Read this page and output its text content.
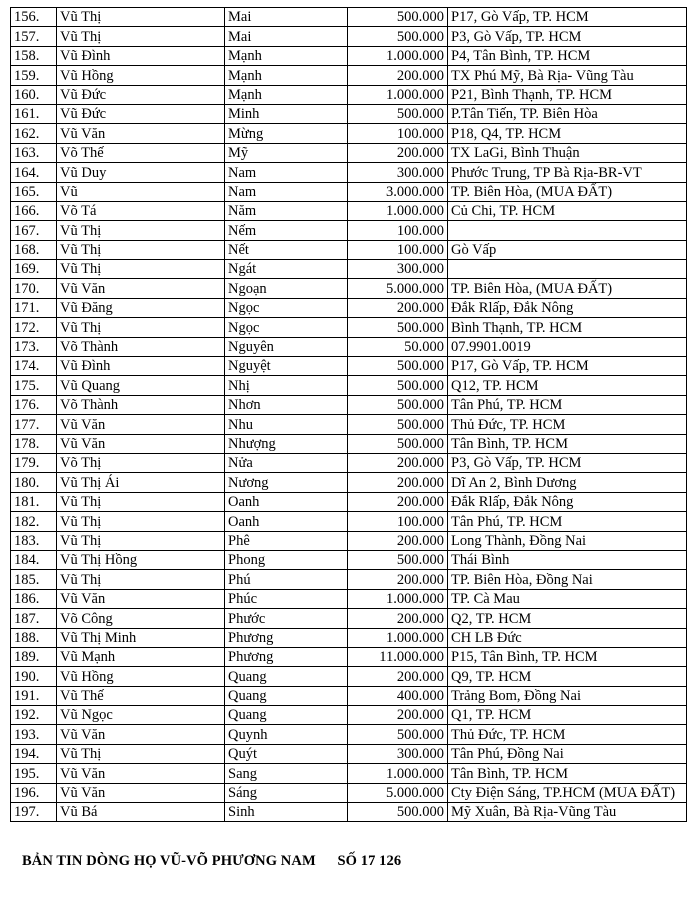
156.	Vũ Thị	Mai	500.000	P17, Gò Vấp, TP. HCM
157.	Vũ Thị	Mai	500.000	P3, Gò Vấp, TP. HCM
158.	Vũ Đình	Mạnh	1.000.000	P4, Tân Bình, TP. HCM
159.	Vũ Hồng	Mạnh	200.000	TX Phú Mỹ, Bà Rịa- Vũng Tàu
160.	Vũ Đức	Mạnh	1.000.000	P21, Bình Thạnh, TP. HCM
161.	Vũ Đức	Minh	500.000	P.Tân Tiến, TP. Biên Hòa
162.	Vũ Văn	Mừng	100.000	P18, Q4, TP. HCM
163.	Võ Thế	Mỹ	200.000	TX LaGi, Bình Thuận
164.	Vũ Duy	Nam	300.000	Phước Trung, TP Bà Rịa-BR-VT
165.	Vũ	Nam	3.000.000	TP. Biên Hòa, (MUA ĐẤT)
166.	Võ Tá	Năm	1.000.000	Củ Chi, TP. HCM
167.	Vũ Thị	Nếm	100.000	
168.	Vũ Thị	Nết	100.000	Gò Vấp
169.	Vũ Thị	Ngát	300.000	
170.	Vũ Văn	Ngoạn	5.000.000	TP. Biên Hòa, (MUA ĐẤT)
171.	Vũ Đăng	Ngọc	200.000	Đắk Rlấp, Đắk Nông
172.	Vũ Thị	Ngọc	500.000	Bình Thạnh, TP. HCM
173.	Võ Thành	Nguyên	50.000	07.9901.0019
174.	Vũ Đình	Nguyệt	500.000	P17, Gò Vấp, TP. HCM
175.	Vũ Quang	Nhị	500.000	Q12, TP. HCM
176.	Võ Thành	Nhơn	500.000	Tân Phú, TP. HCM
177.	Vũ Văn	Nhu	500.000	Thủ Đức, TP. HCM
178.	Vũ Văn	Nhượng	500.000	Tân Bình, TP. HCM
179.	Võ Thị	Nửa	200.000	P3, Gò Vấp, TP. HCM
180.	Vũ Thị Ái	Nương	200.000	Dĩ An 2, Bình Dương
181.	Vũ Thị	Oanh	200.000	Đắk Rlấp, Đắk Nông
182.	Vũ Thị	Oanh	100.000	Tân Phú, TP. HCM
183.	Vũ Thị	Phê	200.000	Long Thành, Đồng Nai
184.	Vũ Thị Hồng	Phong	500.000	Thái Bình
185.	Vũ Thị	Phú	200.000	TP. Biên Hòa, Đồng Nai
186.	Vũ Văn	Phúc	1.000.000	TP. Cà Mau
187.	Võ Công	Phước	200.000	Q2, TP. HCM
188.	Vũ Thị Minh	Phương	1.000.000	CH LB Đức
189.	Vũ Mạnh	Phương	11.000.000	P15, Tân Bình, TP. HCM
190.	Vũ Hồng	Quang	200.000	Q9, TP. HCM
191.	Vũ Thế	Quang	400.000	Trảng Bom, Đồng Nai
192.	Vũ Ngọc	Quang	200.000	Q1, TP. HCM
193.	Vũ Văn	Quynh	500.000	Thủ Đức, TP. HCM
194.	Vũ Thị	Quýt	300.000	Tân Phú, Đồng Nai
195.	Vũ Văn	Sang	1.000.000	Tân Bình, TP. HCM
196.	Vũ Văn	Sáng	5.000.000	Cty Điện Sáng, TP.HCM (MUA ĐẤT)
197.	Vũ Bá	Sinh	500.000	Mỹ Xuân, Bà Rịa-Vũng Tàu
BẢN TIN DÒNG HỌ VŨ-VÕ PHƯƠNG NAM SỐ 17 126
